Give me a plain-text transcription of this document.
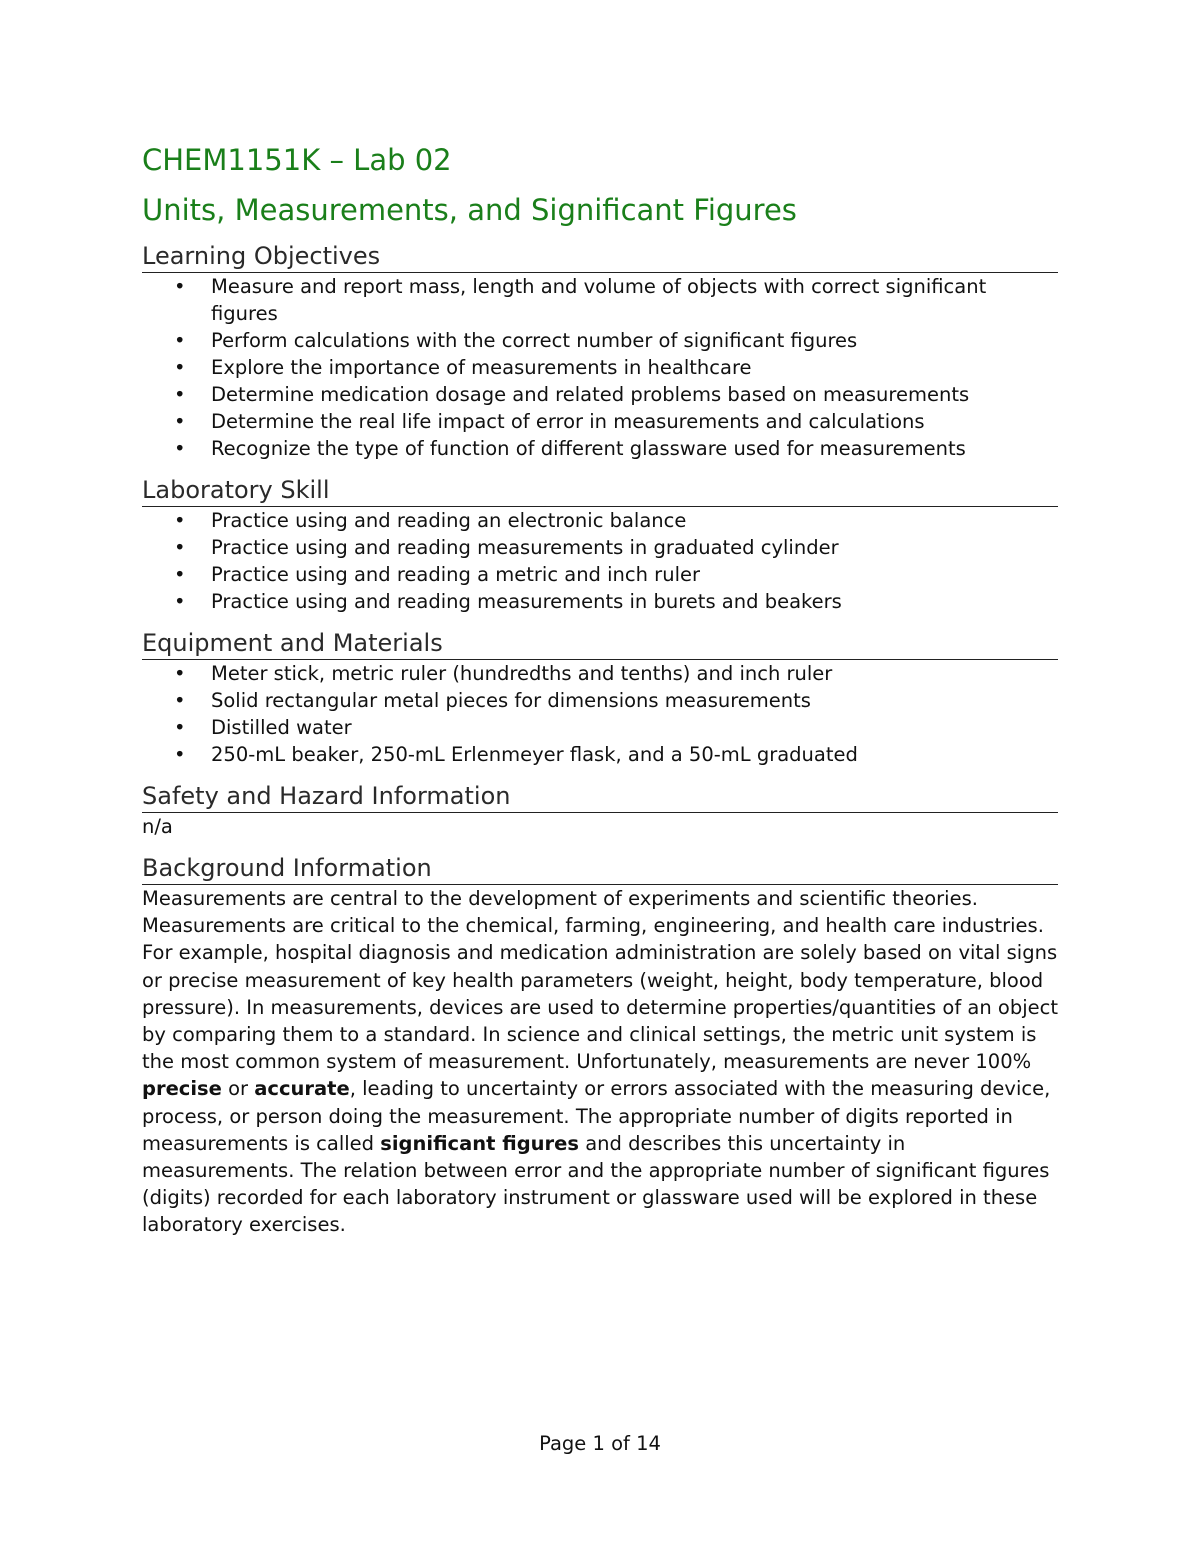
CHEM1151K – Lab 02
Units, Measurements, and Significant Figures
Learning Objectives
• Measure and report mass, length and volume of objects with correct significant figures
• Perform calculations with the correct number of significant figures
• Explore the importance of measurements in healthcare
• Determine medication dosage and related problems based on measurements
• Determine the real life impact of error in measurements and calculations
• Recognize the type of function of different glassware used for measurements
Laboratory Skill
• Practice using and reading an electronic balance
• Practice using and reading measurements in graduated cylinder
• Practice using and reading a metric and inch ruler
• Practice using and reading measurements in burets and beakers
Equipment and Materials
• Meter stick, metric ruler (hundredths and tenths) and inch ruler
• Solid rectangular metal pieces for dimensions measurements
• Distilled water
• 250-mL beaker, 250-mL Erlenmeyer flask, and a 50-mL graduated
Safety and Hazard Information

n/a

Background Information

Measurements are central to the development of experiments and scientific theories. Measurements are critical to the chemical, farming, engineering, and health care industries. For example, hospital diagnosis and medication administration are solely based on vital signs or precise measurement of key health parameters (weight, height, body temperature, blood pressure). In measurements, devices are used to determine properties/quantities of an object by comparing them to a standard. In science and clinical settings, the metric unit system is the most common system of measurement. Unfortunately, measurements are never 100% precise or accurate, leading to uncertainty or errors associated with the measuring device, process, or person doing the measurement. The appropriate number of digits reported in measurements is called significant figures and describes this uncertainty in measurements. The relation between error and the appropriate number of significant figures (digits) recorded for each laboratory instrument or glassware used will be explored in these laboratory exercises.

Page 1 of 14
